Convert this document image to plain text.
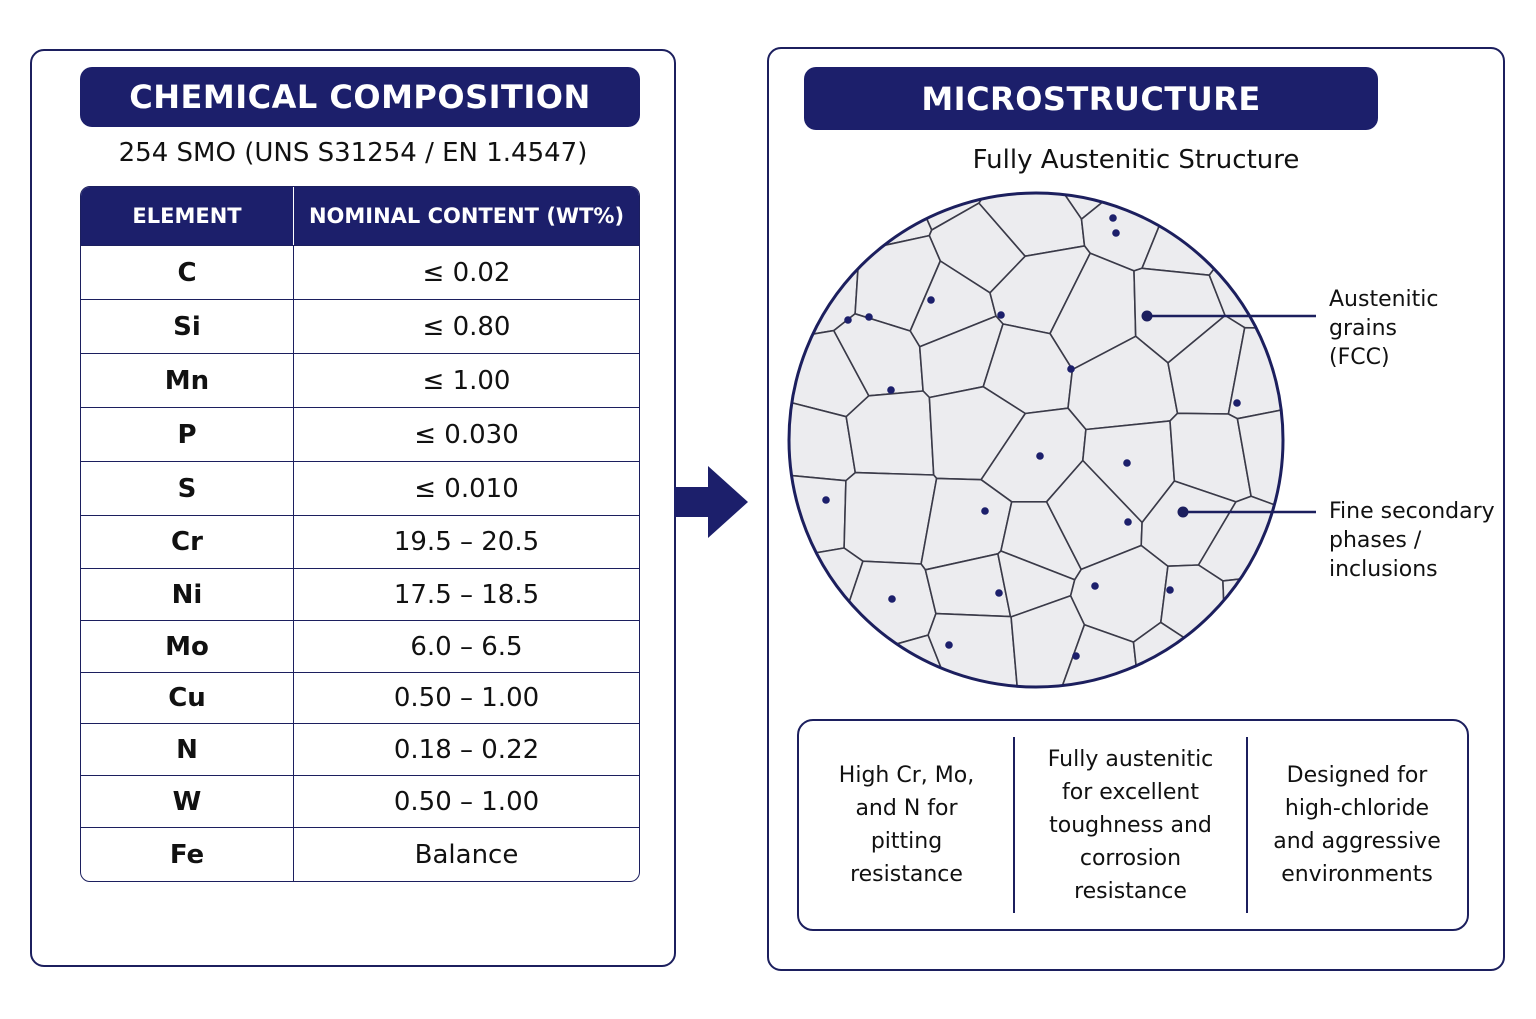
CHEMICAL COMPOSITION
254 SMO (UNS S31254 / EN 1.4547)
ELEMENT	NOMINAL CONTENT (WT%)
C	≤ 0.02
Si	≤ 0.80
Mn	≤ 1.00
P	≤ 0.030
S	≤ 0.010
Cr	19.5 – 20.5
Ni	17.5 – 18.5
Mo	6.0 – 6.5
Cu	0.50 – 1.00
N	0.18 – 0.22
W	0.50 – 1.00
Fe	Balance
MICROSTRUCTURE
Fully Austenitic Structure
Austenitic
grains
(FCC)
Fine secondary
phases /
inclusions
High Cr, Mo,
and N for
pitting
resistance
Fully austenitic
for excellent
toughness and
corrosion
resistance
Designed for
high-chloride
and aggressive
environments
